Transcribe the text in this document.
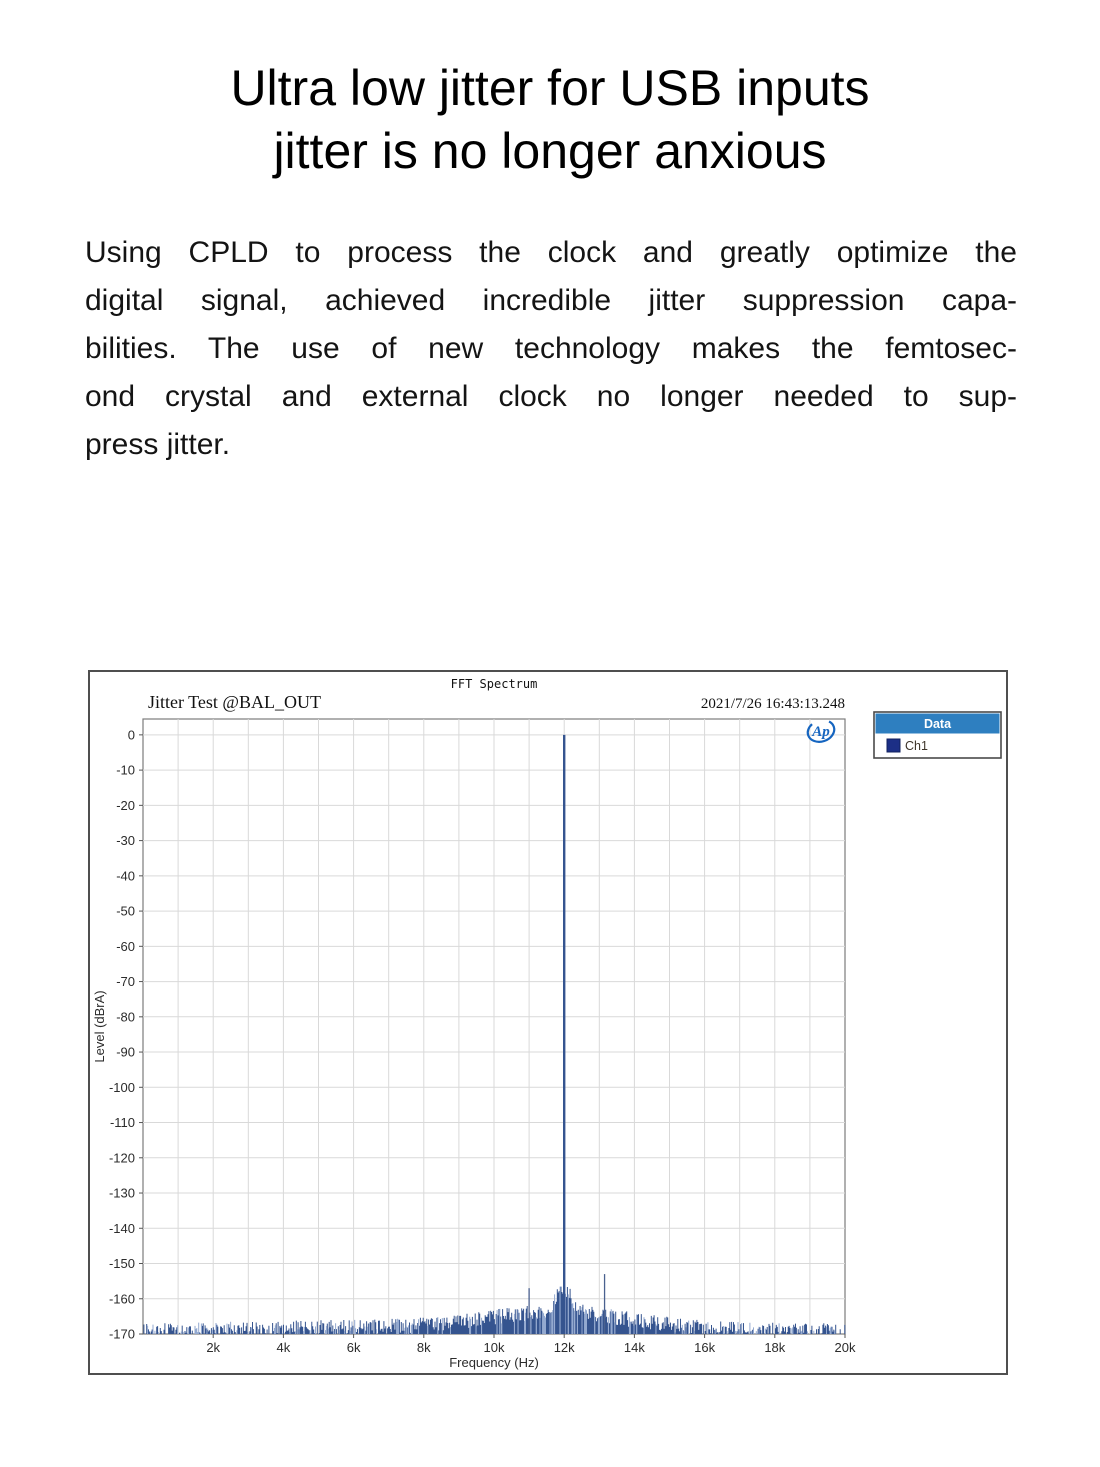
Ultra low jitter for USB inputs
jitter is no longer anxious
Using CPLD to process the clock and greatly optimize the
digital signal, achieved incredible jitter suppression capa-
bilities. The use of new technology makes the femtosec-
ond crystal and external clock no longer needed to sup-
press jitter.
FFT Spectrum
Jitter Test @BAL_OUT	2021/7/26 16:43:13.248
0
-10
-20
-30
-40
-50
-60
-70
-80
-90
-100
-110
-120
-130
-140
-150
-160
-170
2k	4k	6k	8k	10k	12k	14k	16k	18k	20k
Frequency (Hz)
Level (dBrA)
Ap	Data
Ch1
